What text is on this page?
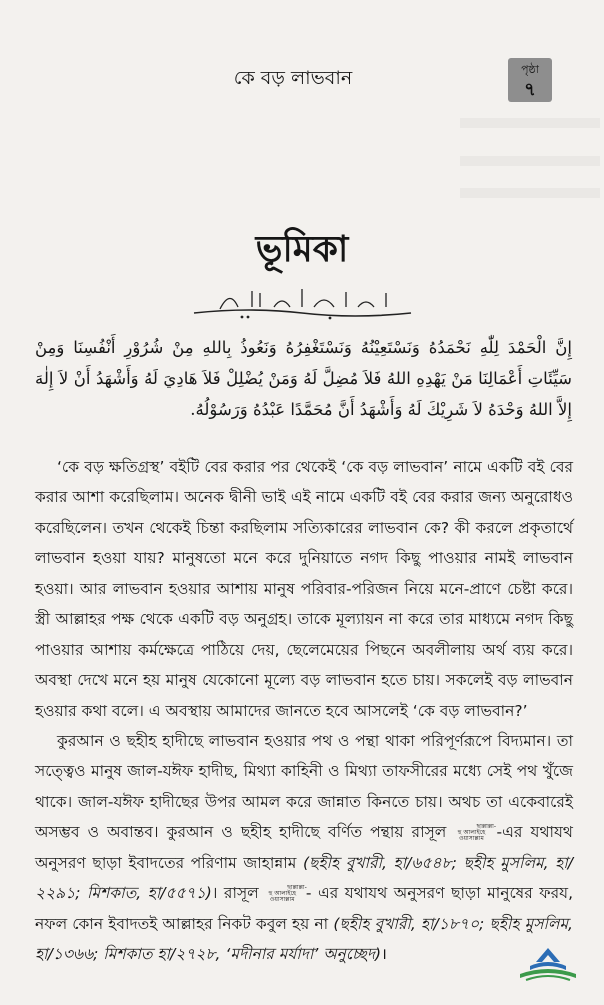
কে বড় লাভবান	পৃষ্ঠা
৭
ভূমিকা
إِنَّ الْحَمْدَ لِلّٰهِ نَحْمَدُهُ وَنَسْتَعِيْنُهُ وَنَسْتَغْفِرُهُ وَنَعُوذُ بِاللهِ مِنْ شُرُوْرِ أَنْفُسِنَا وَمِنْ سَيِّئَاتِ أَعْمَالِنَا مَنْ يَهْدِهِ اللهُ فَلاَ مُضِلَّ لَهُ وَمَنْ يُضْلِلْ فَلاَ هَادِيَ لَهُ وَأَشْهَدُ أَنْ لاَ إِلٰهَ إِلاَّ اللهُ وَحْدَهُ لاَ شَرِيْكَ لَهُ وَأَشْهَدُ أَنَّ مُحَمَّدًا عَبْدُهُ وَرَسُوْلُهُ.

‘কে বড় ক্ষতিগ্রস্থ’ বইটি বের করার পর থেকেই ‘কে বড় লাভবান’ নামে একটি বই বের করার আশা করেছিলাম। অনেক দ্বীনী ভাই এই নামে একটি বই বের করার জন্য অনুরোধও করেছিলেন। তখন থেকেই চিন্তা করছিলাম সত্যিকারের লাভবান কে? কী করলে প্রকৃতার্থে লাভবান হওয়া যায়? মানুষতো মনে করে দুনিয়াতে নগদ কিছু পাওয়ার নামই লাভবান হওয়া। আর লাভবান হওয়ার আশায় মানুষ পরিবার-পরিজন নিয়ে মনে-প্রাণে চেষ্টা করে। স্ত্রী আল্লাহর পক্ষ থেকে একটি বড় অনুগ্রহ। তাকে মূল্যায়ন না করে তার মাধ্যমে নগদ কিছু পাওয়ার আশায় কর্মক্ষেত্রে পাঠিয়ে দেয়, ছেলেমেয়ের পিছনে অবলীলায় অর্থ ব্যয় করে। অবস্থা দেখে মনে হয় মানুষ যেকোনো মূল্যে বড় লাভবান হতে চায়। সকলেই বড় লাভবান হওয়ার কথা বলে। এ অবস্থায় আমাদের জানতে হবে আসলেই ‘কে বড় লাভবান?’

কুরআন ও ছহীহ হাদীছে লাভবান হওয়ার পথ ও পন্থা থাকা পরিপূর্ণরূপে বিদ্যমান। তা সত্ত্বেও মানুষ জাল-যঈফ হাদীছ, মিথ্যা কাহিনী ও মিথ্যা তাফসীরের মধ্যে সেই পথ খুঁজে থাকে। জাল-যঈফ হাদীছের উপর আমল করে জান্নাত কিনতে চায়। অথচ তা একেবারেই অসম্ভব ও অবান্তব। কুরআন ও ছহীহ হাদীছে বর্ণিত পন্থায় রাসূল	ছাল্লাল্লা-হু আলাইহে ওয়াসাল্লাম -এর যথাযথ অনুসরণ ছাড়া ইবাদতের পরিণাম জাহান্নাম (ছহীহ বুখারী, হা/৬৫৪৮; ছহীহ মুসলিম, হা/২২৯১; মিশকাত, হা/৫৫৭১)। রাসূল	ছাল্লাল্লা-হু আলাইহে ওয়াসাল্লাম - এর যথাযথ অনুসরণ ছাড়া মানুষের ফরয, নফল কোন ইবাদতই আল্লাহর নিকট কবুল হয় না (ছহীহ বুখারী, হা/১৮৭০; ছহীহ মুসলিম, হা/১৩৬৬; মিশকাত হা/২৭২৮, ‘মদীনার মর্যাদা’ অনুচ্ছেদ)।
